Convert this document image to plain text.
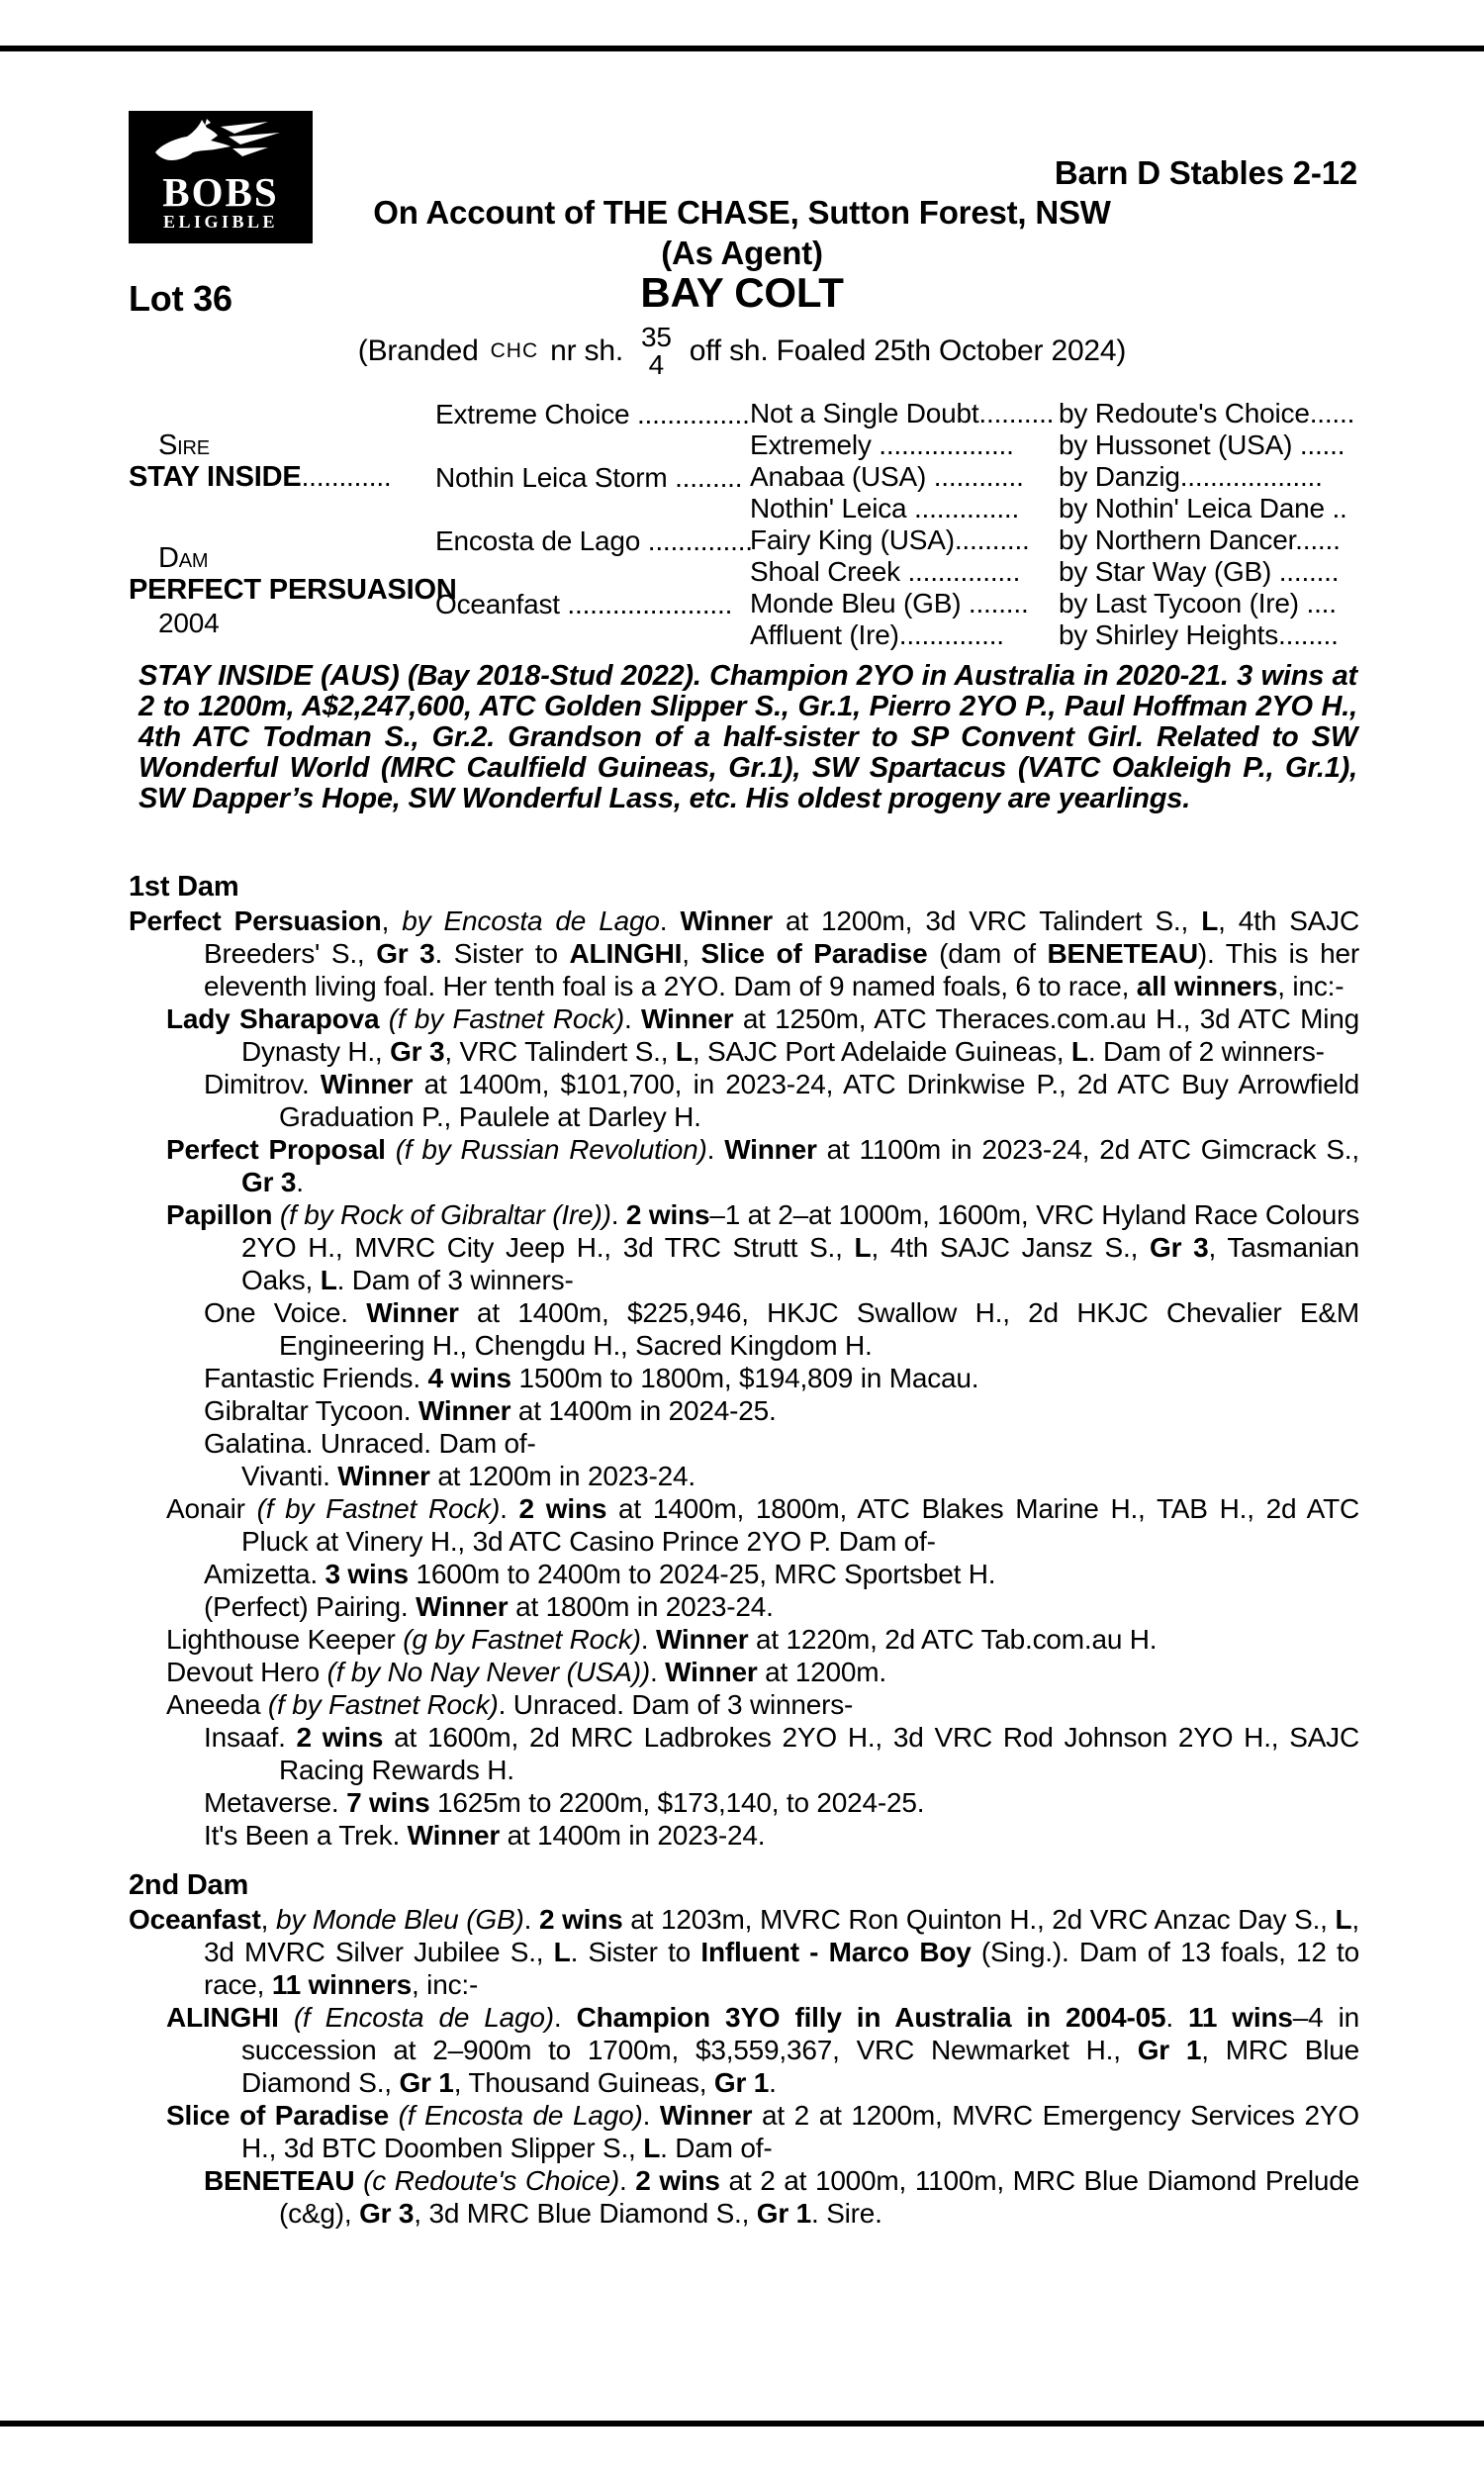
BOBS
ELIGIBLE
Barn D Stables 2-12
On Account of THE CHASE, Sutton Forest, NSW
(As Agent)
Lot 36	BAY COLT
(Branded CHC nr sh. 35
4 off sh. Foaled 25th October 2024)
Sire
STAY INSIDE............
Dam
PERFECT PERSUASION
2004
Extreme Choice ...............
Nothin Leica Storm .........
Encosta de Lago ..............
Oceanfast ......................
Not a Single Doubt.......... by Redoute's Choice......
Extremely .................. by Hussonet (USA) ......
Anabaa (USA) ............ by Danzig...................
Nothin' Leica .............. by Nothin' Leica Dane ..
Fairy King (USA).......... by Northern Dancer......
Shoal Creek ............... by Star Way (GB) ........
Monde Bleu (GB) ........ by Last Tycoon (Ire) ....
Affluent (Ire).............. by Shirley Heights........
STAY INSIDE (AUS) (Bay 2018-Stud 2022). Champion 2YO in Australia in 2020-21. 3 wins at 2 to 1200m, A$2,247,600, ATC Golden Slipper S., Gr.1, Pierro 2YO P., Paul Hoffman 2YO H., 4th ATC Todman S., Gr.2. Grandson of a half-sister to SP Convent Girl. Related to SW Wonderful World (MRC Caulfield Guineas, Gr.1), SW Spartacus (VATC Oakleigh P., Gr.1), SW Dapper’s Hope, SW Wonderful Lass, etc. His oldest progeny are yearlings.
1st Dam
Perfect Persuasion, by Encosta de Lago. Winner at 1200m, 3d VRC Talindert S., L, 4th SAJC Breeders' S., Gr 3. Sister to ALINGHI, Slice of Paradise (dam of BENETEAU). This is her eleventh living foal. Her tenth foal is a 2YO. Dam of 9 named foals, 6 to race, all winners, inc:-
Lady Sharapova (f by Fastnet Rock). Winner at 1250m, ATC Theraces.com.au H., 3d ATC Ming Dynasty H., Gr 3, VRC Talindert S., L, SAJC Port Adelaide Guineas, L. Dam of 2 winners-
Dimitrov. Winner at 1400m, $101,700, in 2023-24, ATC Drinkwise P., 2d ATC Buy Arrowfield Graduation P., Paulele at Darley H.
Perfect Proposal (f by Russian Revolution). Winner at 1100m in 2023-24, 2d ATC Gimcrack S., Gr 3.
Papillon (f by Rock of Gibraltar (Ire)). 2 wins–1 at 2–at 1000m, 1600m, VRC Hyland Race Colours 2YO H., MVRC City Jeep H., 3d TRC Strutt S., L, 4th SAJC Jansz S., Gr 3, Tasmanian Oaks, L. Dam of 3 winners-
One Voice. Winner at 1400m, $225,946, HKJC Swallow H., 2d HKJC Chevalier E&M Engineering H., Chengdu H., Sacred Kingdom H.
Fantastic Friends. 4 wins 1500m to 1800m, $194,809 in Macau.
Gibraltar Tycoon. Winner at 1400m in 2024-25.
Galatina. Unraced. Dam of-
Vivanti. Winner at 1200m in 2023-24.
Aonair (f by Fastnet Rock). 2 wins at 1400m, 1800m, ATC Blakes Marine H., TAB H., 2d ATC Pluck at Vinery H., 3d ATC Casino Prince 2YO P. Dam of-
Amizetta. 3 wins 1600m to 2400m to 2024-25, MRC Sportsbet H.
(Perfect) Pairing. Winner at 1800m in 2023-24.
Lighthouse Keeper (g by Fastnet Rock). Winner at 1220m, 2d ATC Tab.com.au H.
Devout Hero (f by No Nay Never (USA)). Winner at 1200m.
Aneeda (f by Fastnet Rock). Unraced. Dam of 3 winners-
Insaaf. 2 wins at 1600m, 2d MRC Ladbrokes 2YO H., 3d VRC Rod Johnson 2YO H., SAJC Racing Rewards H.
Metaverse. 7 wins 1625m to 2200m, $173,140, to 2024-25.
It's Been a Trek. Winner at 1400m in 2023-24.
2nd Dam
Oceanfast, by Monde Bleu (GB). 2 wins at 1203m, MVRC Ron Quinton H., 2d VRC Anzac Day S., L, 3d MVRC Silver Jubilee S., L. Sister to Influent - Marco Boy (Sing.). Dam of 13 foals, 12 to race, 11 winners, inc:-
ALINGHI (f Encosta de Lago). Champion 3YO filly in Australia in 2004-05. 11 wins–4 in succession at 2–900m to 1700m, $3,559,367, VRC Newmarket H., Gr 1, MRC Blue Diamond S., Gr 1, Thousand Guineas, Gr 1.
Slice of Paradise (f Encosta de Lago). Winner at 2 at 1200m, MVRC Emergency Services 2YO H., 3d BTC Doomben Slipper S., L. Dam of-
BENETEAU (c Redoute's Choice). 2 wins at 2 at 1000m, 1100m, MRC Blue Diamond Prelude (c&g), Gr 3, 3d MRC Blue Diamond S., Gr 1. Sire.
